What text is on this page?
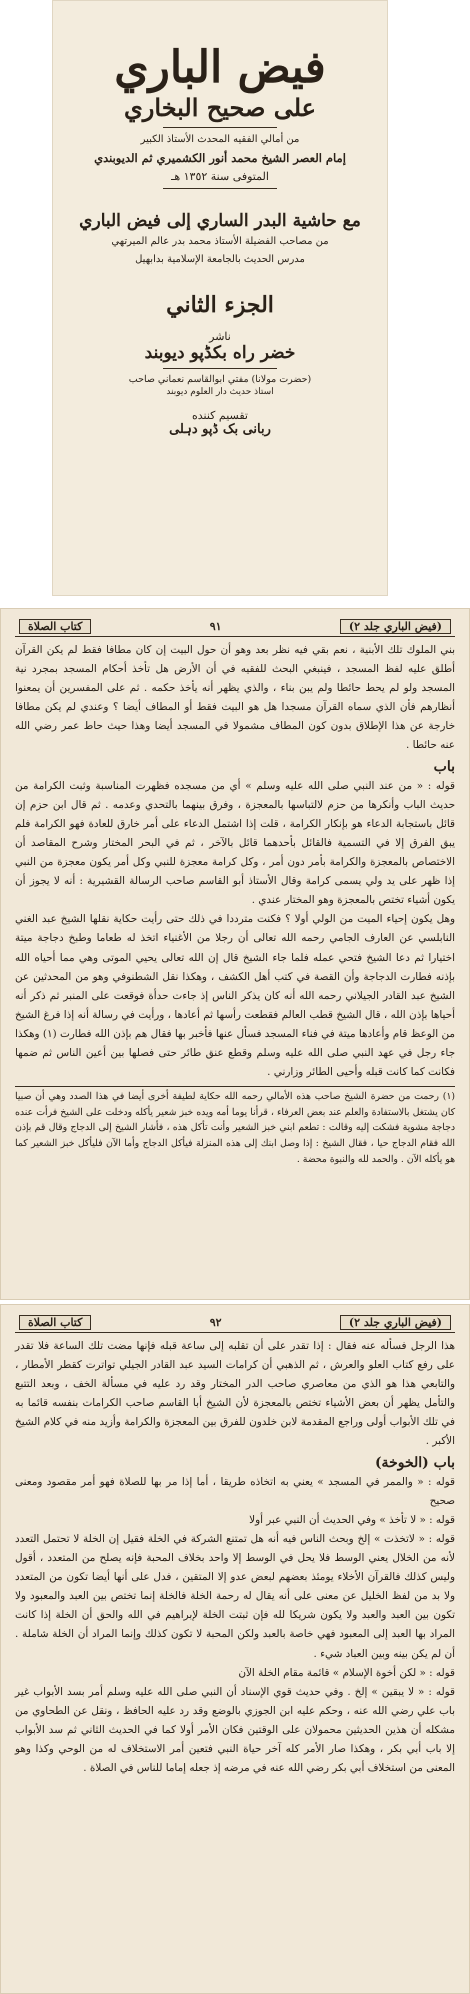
فيض الباري
على صحيح البخاري
من أمالي الفقيه المحدث الأستاذ الكبير
إمام العصر الشيخ محمد أنور الكشميري ثم الديوبندي
المتوفى سنة ١٣٥٢ هـ
مع حاشية البدر الساري إلى فيض الباري
من مصاحب الفضيلة الأستاذ محمد بدر عالم الميرتهي
مدرس الحديث بالجامعة الإسلامية بدابهيل
الجزء الثاني
ناشر
خضر راه بكڈپو دیوبند
(حضرت مولانا) مفتي ابوالقاسم نعماني صاحب
استاذ حدیث دار العلوم دیوبند
تقسيم كننده
ربانی بک ڈپو دہلی
(فيض الباري جلد ٢)
٩١
كتاب الصلاة

بني الملوك تلك الأبنية ، نعم بقي فيه نظر بعد وهو أن حول البيت إن كان مطافا فقط لم يكن القرآن أطلق عليه لفظ المسجد ، فينبغي البحث للفقيه في أن الأرض هل تأخذ أحكام المسجد بمجرد نية المسجد ولو لم يحط حائطا ولم يبن بناء ، والذي يظهر أنه يأخذ حكمه . ثم على المفسرين أن يمعنوا أنظارهم فأن الذي سماه القرآن مسجدا هل هو البيت فقط أو المطاف أيضا ؟ وعندي لم يكن مطافا خارجة عن هذا الإطلاق بدون كون المطاف مشمولا في المسجد أيضا وهذا حيث حاط عمر رضي الله عنه حائطا .

باب

قوله : « من عند النبي صلى الله عليه وسلم » أي من مسجده فظهرت المناسبة وثبت الكرامة من حديث الباب وأنكرها من حزم لالتباسها بالمعجزة ، وفرق بينهما بالتحدي وعدمه . ثم قال ابن حزم إن قائل باستجابة الدعاء هو بإنكار الكرامة ، قلت إذا اشتمل الدعاء على أمر خارق للعادة فهو الكرامة فلم يبق الفرق إلا في التسمية فالقائل بأحدهما قائل بالآخر ، ثم في البحر المختار وشرح المقاصد أن الاختصاص بالمعجزة والكرامة بأمر دون أمر ، وكل كرامة معجزة للنبي وكل أمر يكون معجزة من النبي إذا ظهر على يد ولي يسمى كرامة وقال الأستاذ أبو القاسم صاحب الرسالة القشيرية : أنه لا يجوز أن يكون أشياء تختص بالمعجزة وهو المختار عندي .

وهل يكون إحياء الميت من الولي أولا ؟ فكنت مترددا في ذلك حتى رأيت حكاية نقلها الشيخ عبد الغني النابلسي عن العارف الجامي رحمه الله تعالى أن رجلا من الأغنياء اتخذ له طعاما وطبخ دجاجة ميتة اختيارا ثم دعا الشيخ فتحي عمله فلما جاء الشيخ قال إن الله تعالى يحيي الموتى وهي مما أحياه الله بإذنه فطارت الدجاجة وأن القصة في كتب أهل الكشف ، وهكذا نقل الشطنوفي وهو من المحدثين عن الشيخ عبد القادر الجيلاني رحمه الله أنه كان يذكر الناس إذ جاءت حدأة فوقعت على المنبر ثم ذكر أنه أحياها بإذن الله ، قال الشيخ قطب العالم فقطعت رأسها ثم أعادها ، ورأيت في رسالة أنه إذا فرغ الشيخ من الوعظ قام وأعادها ميتة في فناء المسجد فسأل عنها فأخبر بها فقال هم بإذن الله فطارت (١) وهكذا جاء رجل في عهد النبي صلى الله عليه وسلم وقطع عنق طائر حتى فصلها بين أعين الناس ثم ضمها فكانت كما كانت قبله وأحيى الطائر وزارني .

(١) رحمت من حضرة الشيخ صاحب هذه الأمالي رحمه الله حكاية لطيفة أخرى أيضا في هذا الصدد وهي أن صبيا كان يشتغل بالاستفادة والعلم عند بعض العرفاء ، قرأنا يوما أمه ويده خبز شعير يأكله ودخلت على الشيخ فرأت عنده دجاجة مشوية فشكت إليه وقالت : تطعم ابني خبز الشعير وأنت تأكل هذه ، فأشار الشيخ إلى الدجاج وقال قم بإذن الله فقام الدجاج حيا ، فقال الشيخ : إذا وصل ابنك إلى هذه المنزلة فيأكل الدجاج وأما الآن فليأكل خبز الشعير كما هو يأكله الآن . والحمد لله والنبوة محضة .

(فيض الباري جلد ٢)
٩٢
كتاب الصلاة

هذا الرجل فسأله عنه فقال : إذا تقدر على أن تقلبه إلى ساعة قبله فإنها مضت تلك الساعة فلا تقدر على رفع كتاب العلو والعرش ، ثم الذهبي أن كرامات السيد عبد القادر الجيلي تواترت كقطر الأمطار ، والتابعي هذا هو الذي من معاصري صاحب الدر المختار وقد رد عليه في مسألة الخف ، وبعد التتبع والتأمل يظهر أن بعض الأشياء تختص بالمعجزة لأن الشيخ أبا القاسم صاحب الكرامات بنفسه قائما به في تلك الأبواب أولى وراجع المقدمة لابن خلدون للفرق بين المعجزة والكرامة وأزيد منه في كلام الشيخ الأكبر .

باب (الخوخة)

قوله : « والممر في المسجد » يعني به اتخاذه طريقا ، أما إذا مر بها للصلاة فهو أمر مقصود ومعنى صحيح

قوله : « لا تأخذ » وفي الحديث أن النبي عبر أولا

قوله : « لاتخذت » إلخ وبحث الناس فيه أنه هل تمتنع الشركة في الخلة فقيل إن الخلة لا تحتمل التعدد لأنه من الخلال يعني الوسط فلا يحل في الوسط إلا واحد بخلاف المحبة فإنه يصلح من المتعدد ، أقول وليس كذلك فالقرآن الأخلاء يومئذ بعضهم لبعض عدو إلا المتقين ، فدل على أنها أيضا تكون من المتعدد ولا بد من لفظ الخليل عن معنى على أنه يقال له رحمة الخلة فالخلة إنما تختص بين العبد والمعبود ولا تكون بين العبد والعبد ولا يكون شريكا لله فإن ثبتت الخلة لإبراهيم في الله والحق أن الخلة إذا كانت المراد بها العبد إلى المعبود فهي خاصة بالعبد ولكن المحبة لا تكون كذلك وإنما المراد أن الخلة شاملة . أن لم يكن بينه وبين العباد شيء .

قوله : « لكن أخوة الإسلام » قائمة مقام الخلة الآن

قوله : « لا يبقين » إلخ . وفي حديث قوي الإسناد أن النبي صلى الله عليه وسلم أمر بسد الأبواب غير باب علي رضي الله عنه ، وحكم عليه ابن الجوزي بالوضع وقد رد عليه الحافظ ، ونقل عن الطحاوي من مشكله أن هذين الحديثين محمولان على الوقتين فكان الأمر أولا كما في الحديث الثاني ثم سد الأبواب إلا باب أبي بكر ، وهكذا صار الأمر كله آخر حياة النبي فتعين أمر الاستخلاف له من الوحي وكذا وهو المعنى من استخلاف أبي بكر رضي الله عنه في مرضه إذ جعله إماما للناس في الصلاة .
